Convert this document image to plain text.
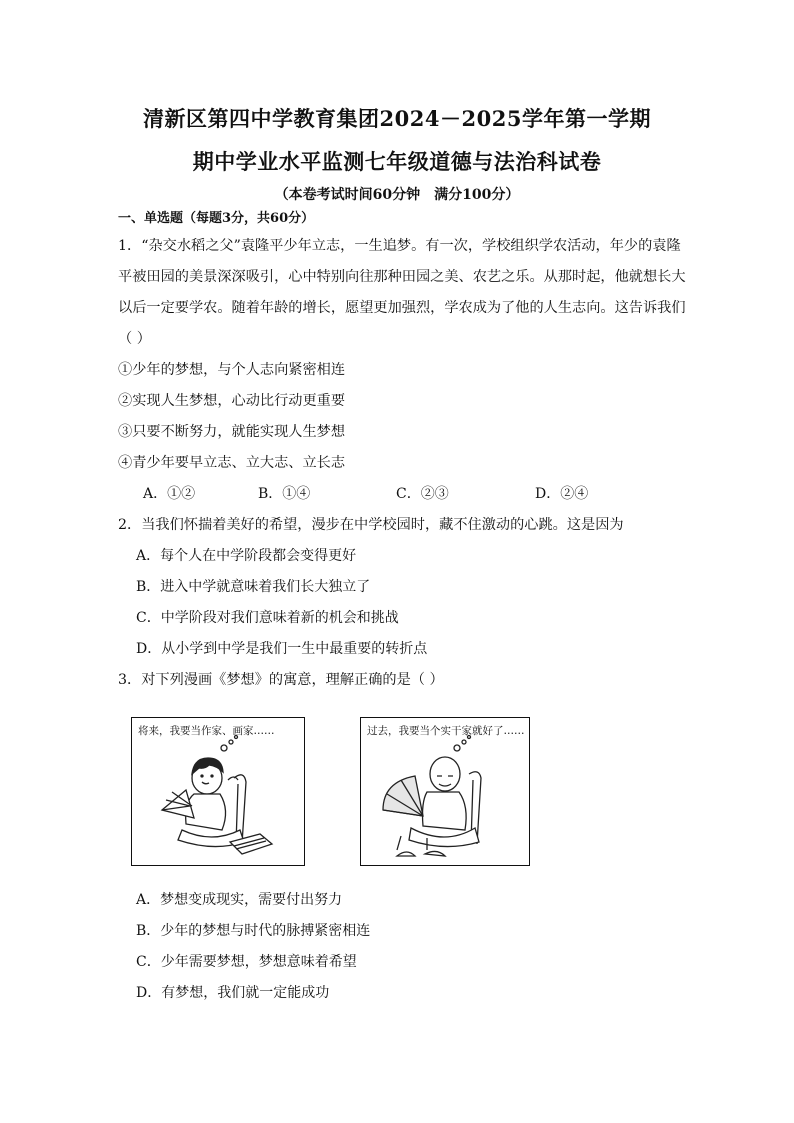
清新区第四中学教育集团2024－2025学年第一学期
期中学业水平监测七年级道德与法治科试卷
（本卷考试时间60分钟　满分100分）
一、单选题（每题3分，共60分）
1．“杂交水稻之父”袁隆平少年立志，一生追梦。有一次，学校组织学农活动，年少的袁隆
平被田园的美景深深吸引，心中特别向往那种田园之美、农艺之乐。从那时起，他就想长大
以后一定要学农。随着年龄的增长，愿望更加强烈，学农成为了他的人生志向。这告诉我们
（ ）
①少年的梦想，与个人志向紧密相连
②实现人生梦想，心动比行动更重要
③只要不断努力，就能实现人生梦想
④青少年要早立志、立大志、立长志
A．①②	B．①④	C．②③	D．②④
2．当我们怀揣着美好的希望，漫步在中学校园时，藏不住激动的心跳。这是因为
A．每个人在中学阶段都会变得更好
B．进入中学就意味着我们长大独立了
C．中学阶段对我们意味着新的机会和挑战
D．从小学到中学是我们一生中最重要的转折点
3．对下列漫画《梦想》的寓意，理解正确的是（ ）
将来，我要当作家、画家……	过去，我要当个实干家就好了……
A．梦想变成现实，需要付出努力
B．少年的梦想与时代的脉搏紧密相连
C．少年需要梦想，梦想意味着希望
D．有梦想，我们就一定能成功
